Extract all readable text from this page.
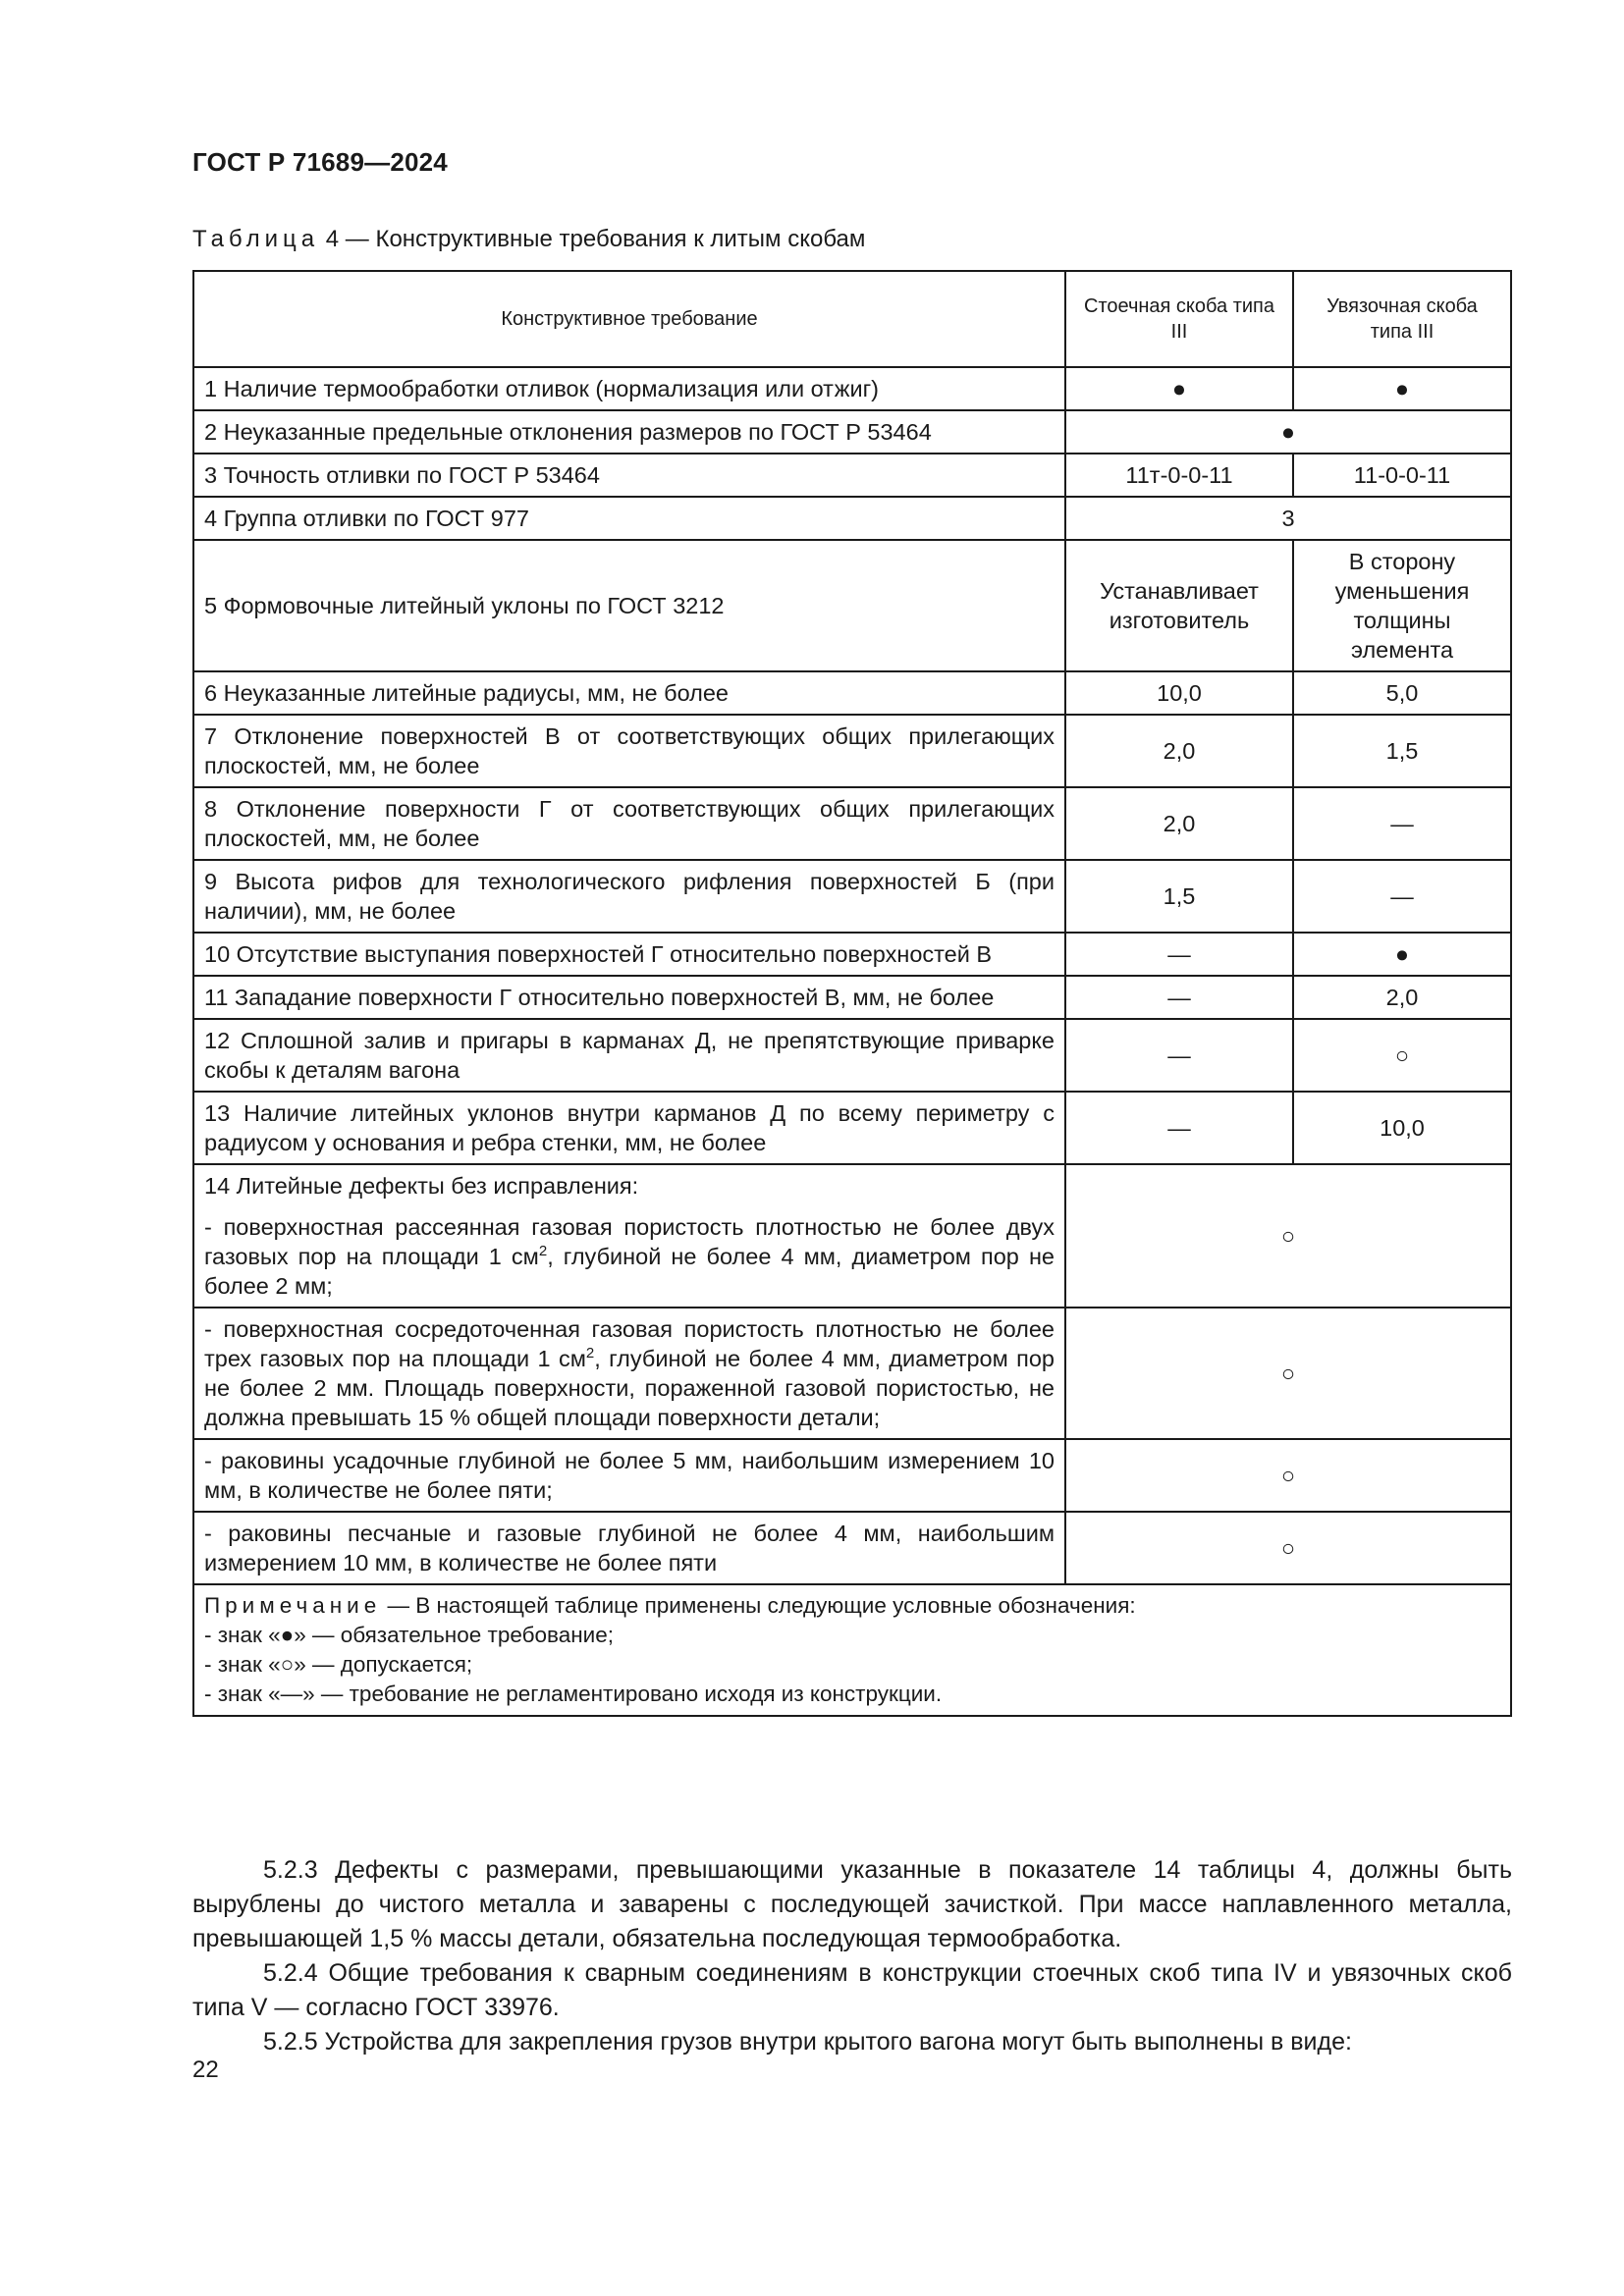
ГОСТ Р 71689—2024
Таблица 4 — Конструктивные требования к литым скобам
Конструктивное требование	Стоечная скоба типа III	Увязочная скоба типа III
1 Наличие термообработки отливок (нормализация или отжиг)	●	●
2 Неуказанные предельные отклонения размеров по ГОСТ Р 53464	●	
3 Точность отливки по ГОСТ Р 53464	11т-0-0-11	11-0-0-11
4 Группа отливки по ГОСТ 977	3	
5 Формовочные литейный уклоны по ГОСТ 3212	Устанавливает изготовитель	В сторону уменьшения толщины элемента
6 Неуказанные литейные радиусы, мм, не более	10,0	5,0
7 Отклонение поверхностей В от соответствующих общих прилегающих плоскостей, мм, не более	2,0	1,5
8 Отклонение поверхности Г от соответствующих общих прилегающих плоскостей, мм, не более	2,0	—
9 Высота рифов для технологического рифления поверхностей Б (при наличии), мм, не более	1,5	—
10 Отсутствие выступания поверхностей Г относительно поверхностей В	—	●
11 Западание поверхности Г относительно поверхностей В, мм, не более	—	2,0
12 Сплошной залив и пригары в карманах Д, не препятствующие приварке скобы к деталям вагона	—	○
13 Наличие литейных уклонов внутри карманов Д по всему периметру с радиусом у основания и ребра стенки, мм, не более	—	10,0

14 Литейные дефекты без исправления:
- поверхностная рассеянная газовая пористость плотностью не более двух газовых пор на площади 1 $см^2$, глубиной не более 4 мм, диаметром пор не более 2 мм;	○	
- поверхностная сосредоточенная газовая пористость плотностью не более трех газовых пор на площади 1 $см^2$, глубиной не более 4 мм, диаметром пор не более 2 мм. Площадь поверхности, пораженной газовой пористостью, не должна превышать 15 % общей площади поверхности детали;	○	
- раковины усадочные глубиной не более 5 мм, наибольшим измерением 10 мм, в количестве не более пяти;	○	
- раковины песчаные и газовые глубиной не более 4 мм, наибольшим измерением 10 мм, в количестве не более пяти	○	

Примечание — В настоящей таблице применены следующие условные обозначения:
- знак «●» — обязательное требование;
- знак «○» — допускается;
- знак «—» — требование не регламентировано исходя из конструкции.		

5.2.3 Дефекты с размерами, превышающими указанные в показателе 14 таблицы 4, должны быть вырублены до чистого металла и заварены с последующей зачисткой. При массе наплавленного металла, превышающей 1,5 % массы детали, обязательна последующая термообработка.

5.2.4 Общие требования к сварным соединениям в конструкции стоечных скоб типа IV и увязочных скоб типа V — согласно ГОСТ 33976.

5.2.5 Устройства для закрепления грузов внутри крытого вагона могут быть выполнены в виде:

22
